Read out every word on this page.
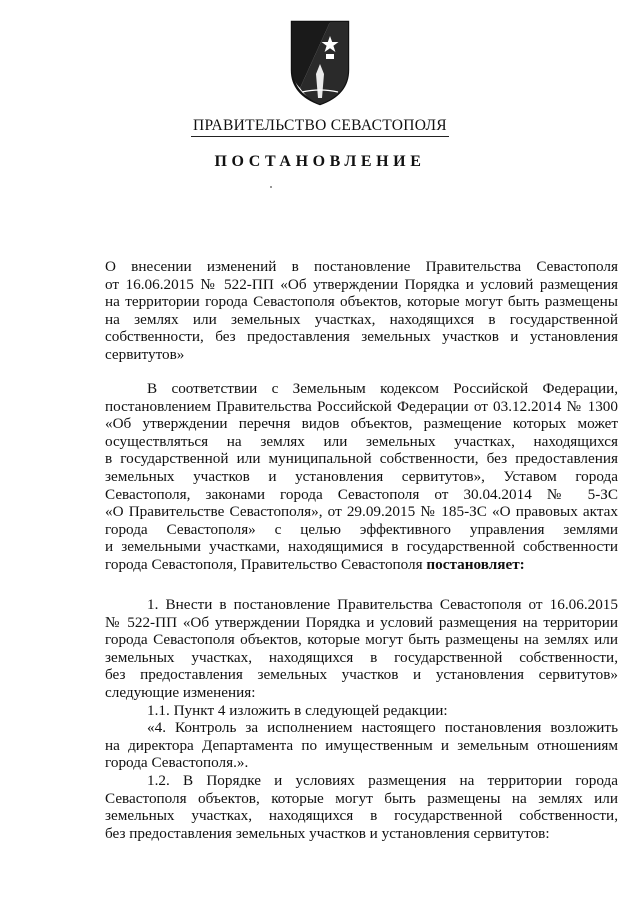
ПРАВИТЕЛЬСТВО СЕВАСТОПОЛЯ
ПОСТАНОВЛЕНИЕ
О внесении изменений в постановление Правительства Севастополя
от 16.06.2015 № 522-ПП «Об утверждении Порядка и условий размещения
на территории города Севастополя объектов, которые могут быть размещены
на землях или земельных участках, находящихся в государственной
собственности, без предоставления земельных участков и установления
сервитутов»
В соответствии с Земельным кодексом Российской Федерации,
постановлением Правительства Российской Федерации от 03.12.2014 № 1300
«Об утверждении перечня видов объектов, размещение которых может
осуществляться на землях или земельных участках, находящихся
в государственной или муниципальной собственности, без предоставления
земельных участков и установления сервитутов», Уставом города
Севастополя, законами города Севастополя от 30.04.2014 № 5-ЗС
«О Правительстве Севастополя», от 29.09.2015 № 185-ЗС «О правовых актах
города Севастополя» с целью эффективного управления землями
и земельными участками, находящимися в государственной собственности
города Севастополя, Правительство Севастополя постановляет:
1. Внести в постановление Правительства Севастополя от 16.06.2015
№ 522-ПП «Об утверждении Порядка и условий размещения на территории
города Севастополя объектов, которые могут быть размещены на землях или
земельных участках, находящихся в государственной собственности,
без предоставления земельных участков и установления сервитутов»
следующие изменения:
1.1. Пункт 4 изложить в следующей редакции:
«4. Контроль за исполнением настоящего постановления возложить
на директора Департамента по имущественным и земельным отношениям
города Севастополя.».
1.2. В Порядке и условиях размещения на территории города
Севастополя объектов, которые могут быть размещены на землях или
земельных участках, находящихся в государственной собственности,
без предоставления земельных участков и установления сервитутов:
